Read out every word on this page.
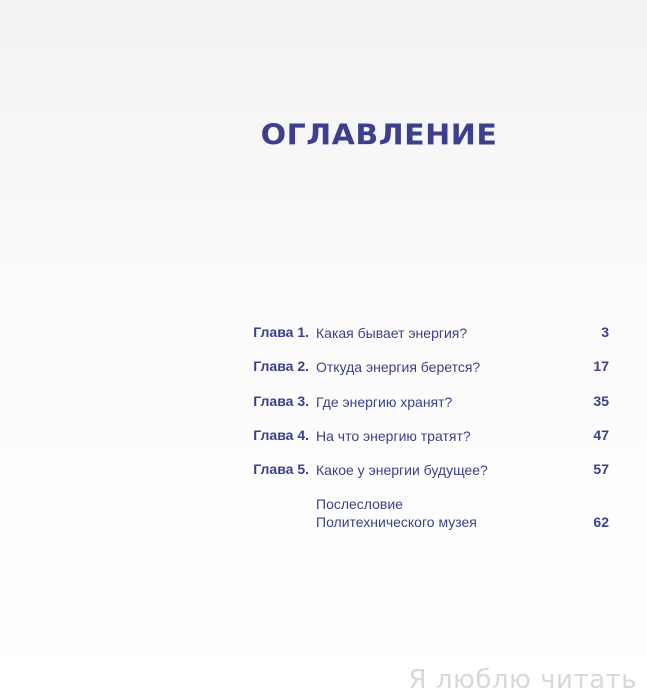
ОГЛАВЛЕНИЕ
Глава 1. Какая бывает энергия?	3
Глава 2. Откуда энергия берется?	17
Глава 3. Где энергию хранят?	35
Глава 4. На что энергию тратят?	47
Глава 5. Какое у энергии будущее?	57
Послесловие
Политехнического музея	62
Я люблю читать
